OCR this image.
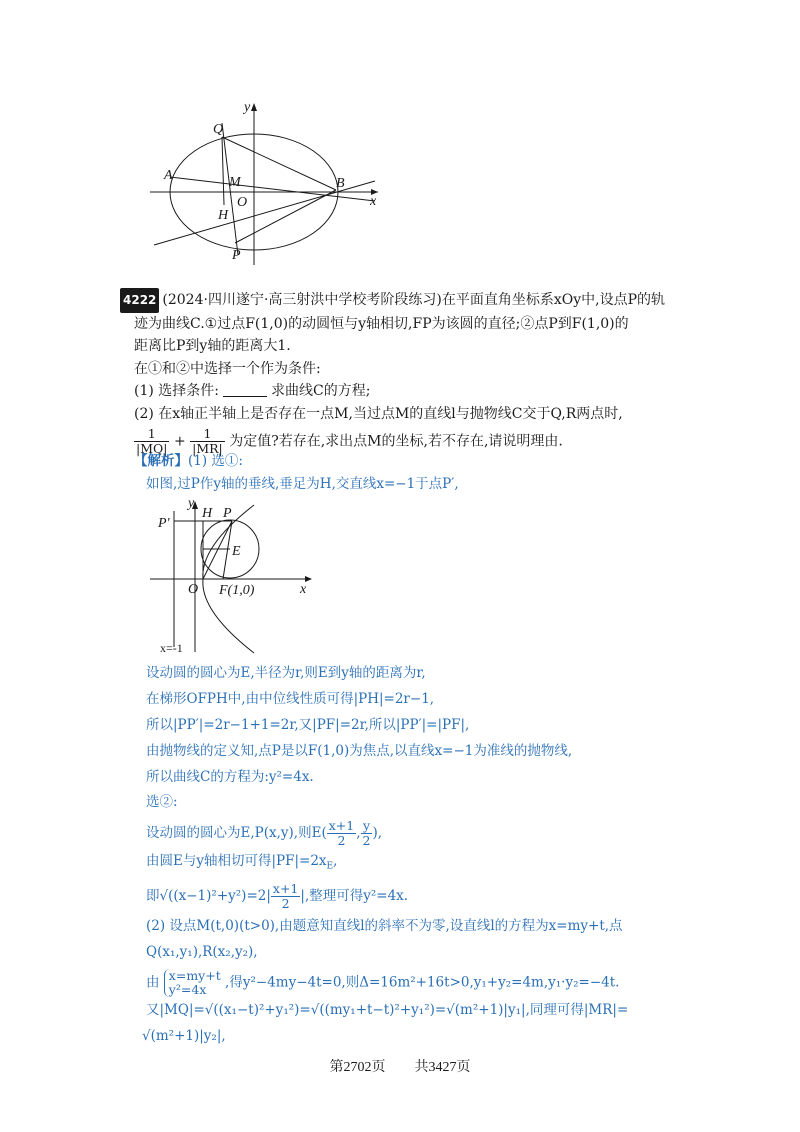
y
x
Q
A	M	B
O
H
P
4222 (2024·四川遂宁·高三射洪中学校考阶段练习)在平面直角坐标系xOy中,设点P的轨
迹为曲线C.①过点F(1,0)的动圆恒与y轴相切,FP为该圆的直径;②点P到F(1,0)的
距离比P到y轴的距离大1.
在①和②中选择一个作为条件:
(1) 选择条件:	求曲线C的方程;
(2) 在x轴正半轴上是否存在一点M,当过点M的直线l与抛物线C交于Q,R两点时,
$\frac{1}{|MQ|} + \frac{1}{|MR|}$ 为定值?若存在,求出点M的坐标,若不存在,请说明理由.
【解析】(1) 选①:
如图,过P作y轴的垂线,垂足为H,交直线x=−1于点P′,
y
P′
H P
E
O F(1,0)	x
x=-1
设动圆的圆心为E,半径为r,则E到y轴的距离为r,
在梯形OFPH中,由中位线性质可得|PH|=2r−1,
所以|PP′|=2r−1+1=2r,又|PF|=2r,所以|PP′|=|PF|,
由抛物线的定义知,点P是以F(1,0)为焦点,以直线x=−1为准线的抛物线,
所以曲线C的方程为:y²=4x.
选②:
设动圆的圆心为E,P(x,y),则$E( \frac{x+1}{2}$ , $\frac{y}{2}$ ),
由圆E与y轴相切可得$|PF|=2x_E$,
即$√((x-1)^2+y^2)=2| \frac{x+1}{2}$ |,整理可得y²=4x.
(2) 设点M(t,0)(t>0),由题意知直线l的斜率不为零,设直线l的方程为x=my+t,点
Q(x₁,y₁),R(x₂,y₂),
由 x=my+t
y²=4x	,得y²−4my−4t=0,则Δ=16m²+16t>0,y₁+y₂=4m,y₁·y₂=−4t.
又|MQ|=√((x₁−t)²+y₁²)=√((my₁+t−t)²+y₁²)=√(m²+1)|y₁|,同理可得|MR|=
√(m²+1)|y₂|,
第2702页 共3427页
